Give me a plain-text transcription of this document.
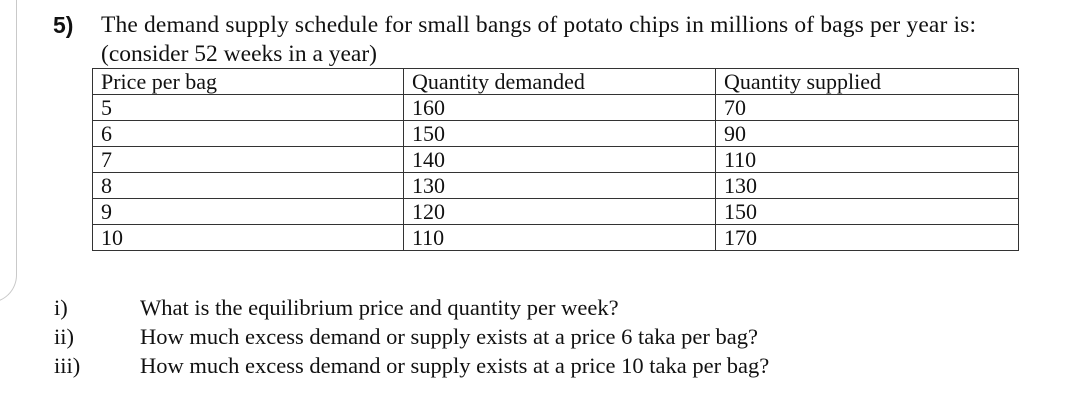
5) The demand supply schedule for small bangs of potato chips in millions of bags per year is:
(consider 52 weeks in a year)
Price per bag	Quantity demanded	Quantity supplied
5	160	70
6	150	90
7	140	110
8	130	130
9	120	150
10	110	170
i)	What is the equilibrium price and quantity per week?
ii)	How much excess demand or supply exists at a price 6 taka per bag?
iii)	How much excess demand or supply exists at a price 10 taka per bag?
